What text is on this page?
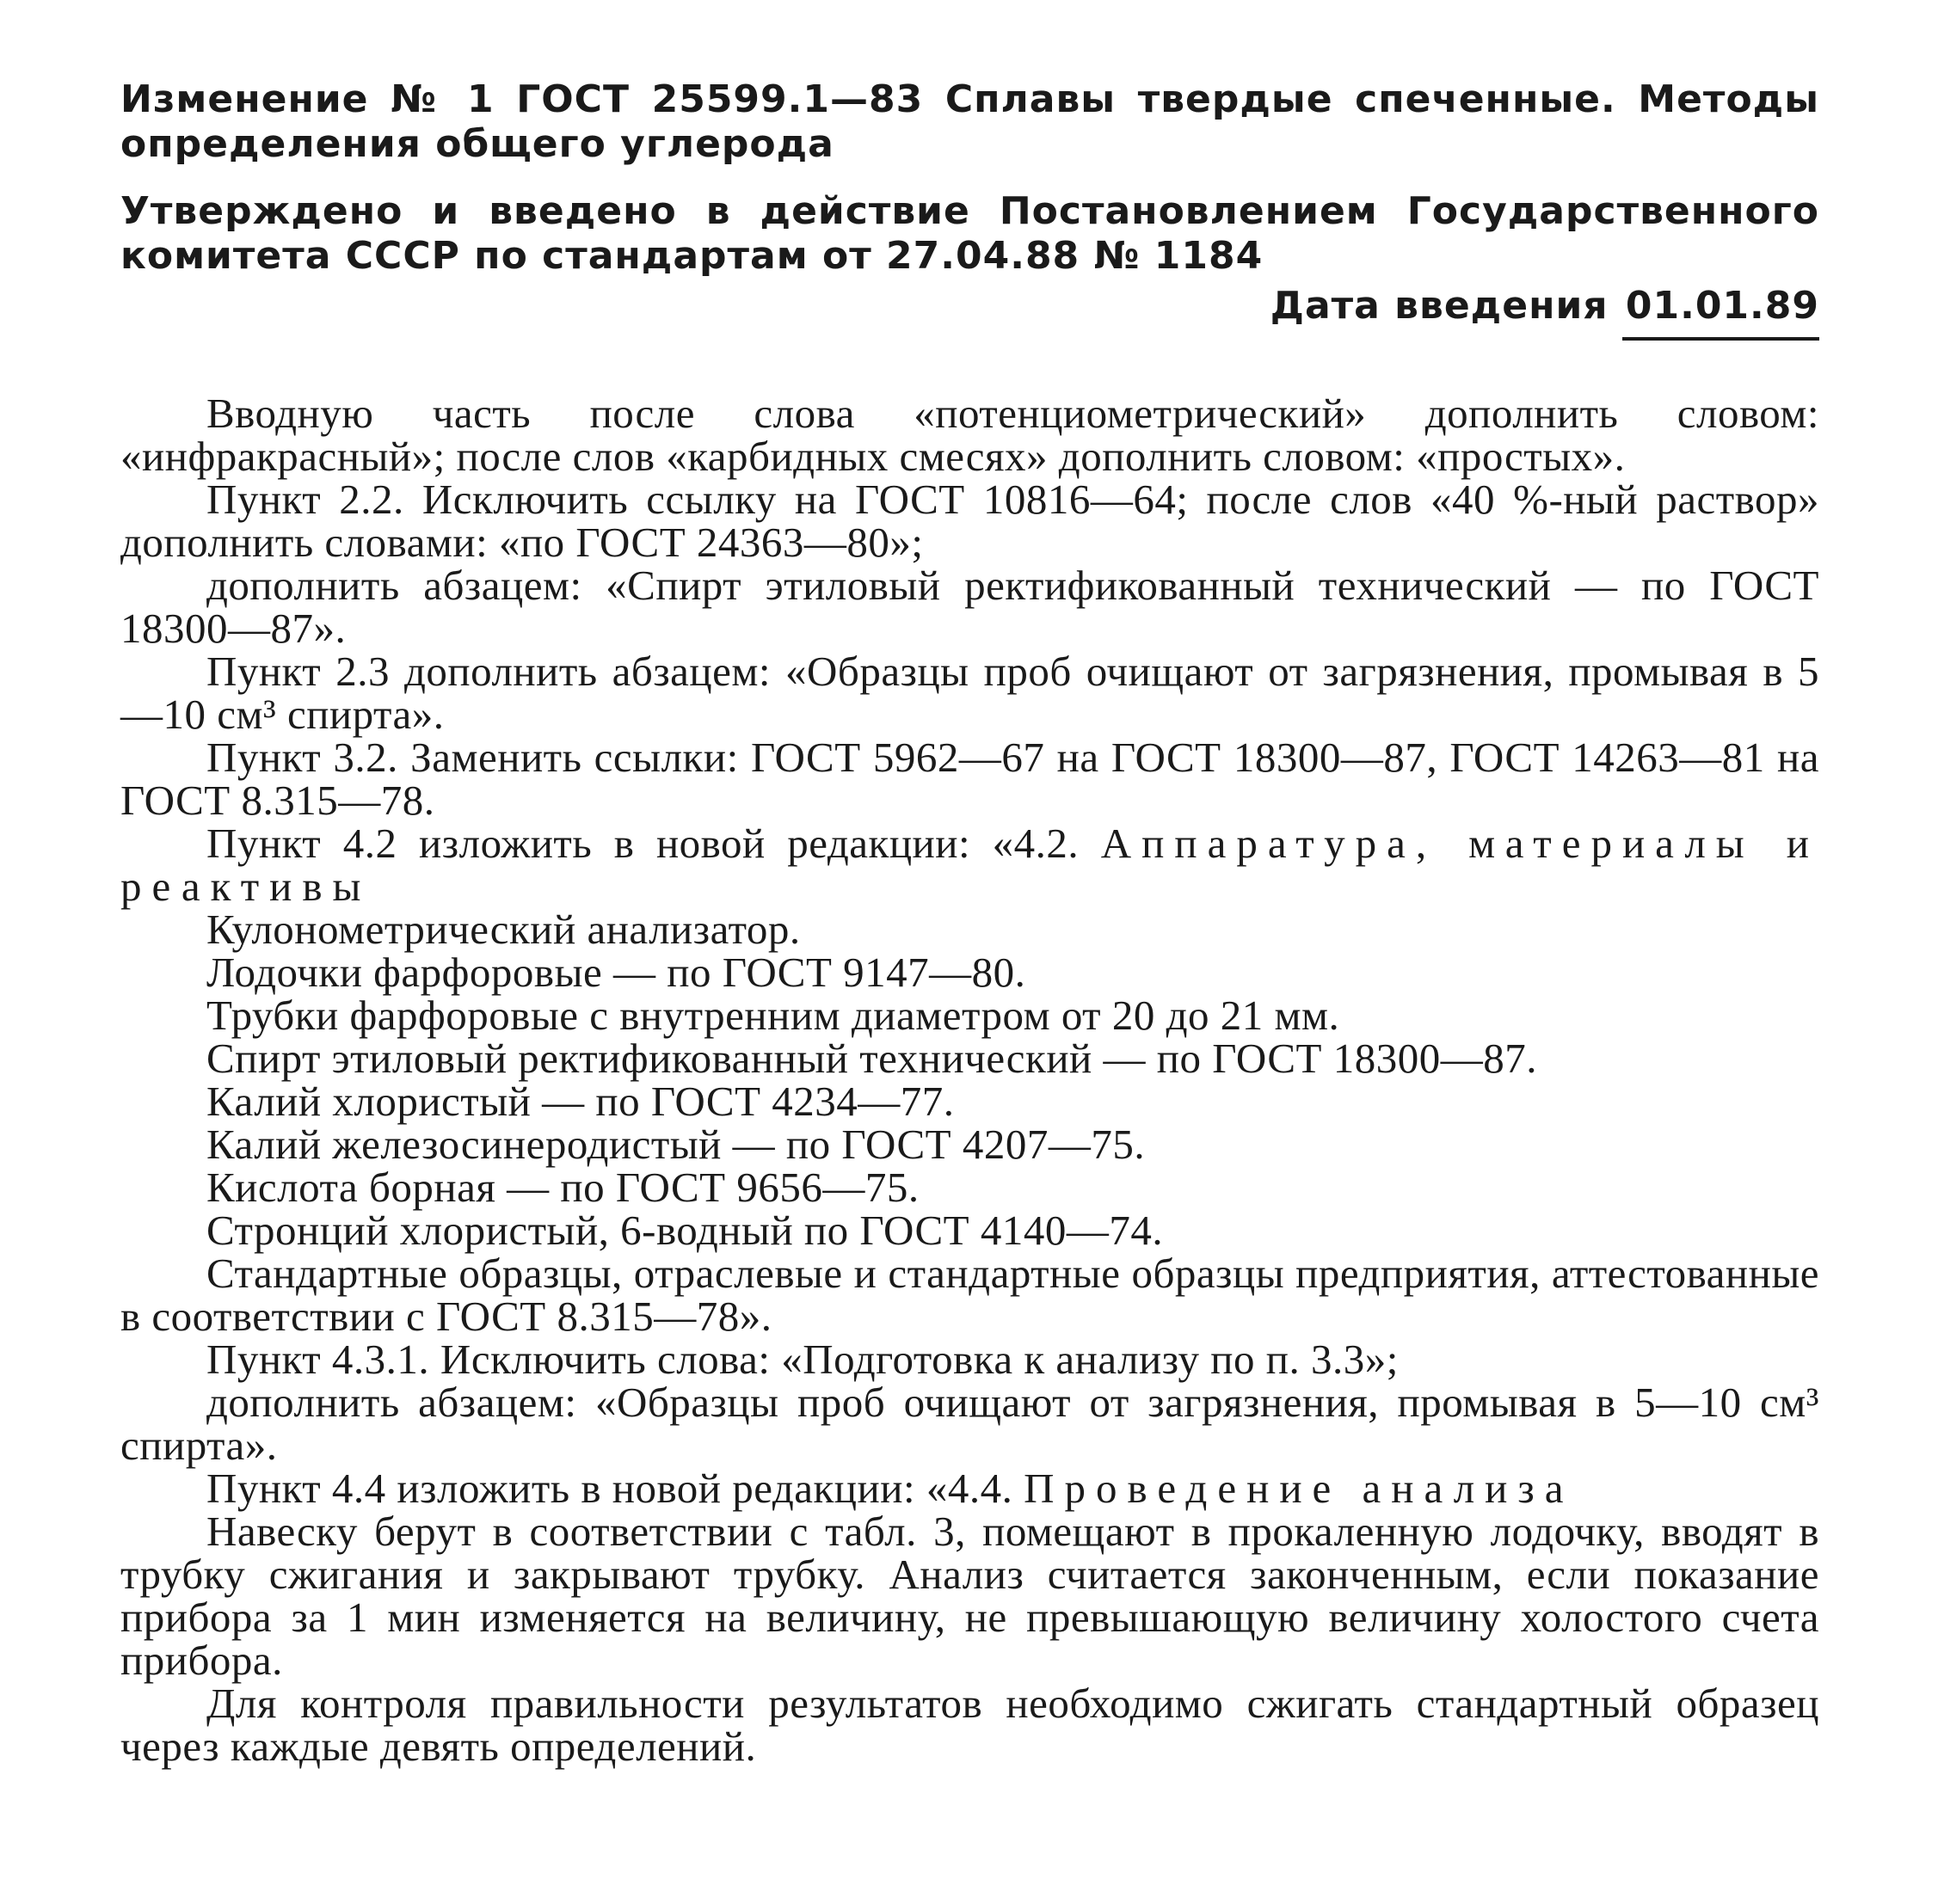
Изменение № 1 ГОСТ 25599.1—83 Сплавы твердые спеченные. Методы определения общего углерода

Утверждено и введено в действие Постановлением Государственного комитета СССР по стандартам от 27.04.88 № 1184

Дата введения 01.01.89

Вводную часть после слова «потенциометрический» дополнить словом: «инфракрасный»; после слов «карбидных смесях» дополнить словом: «простых».

Пункт 2.2. Исключить ссылку на ГОСТ 10816—64; после слов «40 %-ный раствор» дополнить словами: «по ГОСТ 24363—80»;

дополнить абзацем: «Спирт этиловый ректификованный технический — по ГОСТ 18300—87».

Пункт 2.3 дополнить абзацем: «Образцы проб очищают от загрязнения, промывая в 5—10 см³ спирта».

Пункт 3.2. Заменить ссылки: ГОСТ 5962—67 на ГОСТ 18300—87, ГОСТ 14263—81 на ГОСТ 8.315—78.

Пункт 4.2 изложить в новой редакции: «4.2. Аппаратура, материалы и реактивы

Кулонометрический анализатор.

Лодочки фарфоровые — по ГОСТ 9147—80.

Трубки фарфоровые с внутренним диаметром от 20 до 21 мм.

Спирт этиловый ректификованный технический — по ГОСТ 18300—87.

Калий хлористый — по ГОСТ 4234—77.

Калий железосинеродистый — по ГОСТ 4207—75.

Кислота борная — по ГОСТ 9656—75.

Стронций хлористый, 6-водный по ГОСТ 4140—74.

Стандартные образцы, отраслевые и стандартные образцы предприятия, аттестованные в соответствии с ГОСТ 8.315—78».

Пункт 4.3.1. Исключить слова: «Подготовка к анализу по п. 3.3»;

дополнить абзацем: «Образцы проб очищают от загрязнения, промывая в 5—10 см³ спирта».

Пункт 4.4 изложить в новой редакции: «4.4. Проведение анализа

Навеску берут в соответствии с табл. 3, помещают в прокаленную лодочку, вводят в трубку сжигания и закрывают трубку. Анализ считается законченным, если показание прибора за 1 мин изменяется на величину, не превышающую величину холостого счета прибора.

Для контроля правильности результатов необходимо сжигать стандартный образец через каждые девять определений.
